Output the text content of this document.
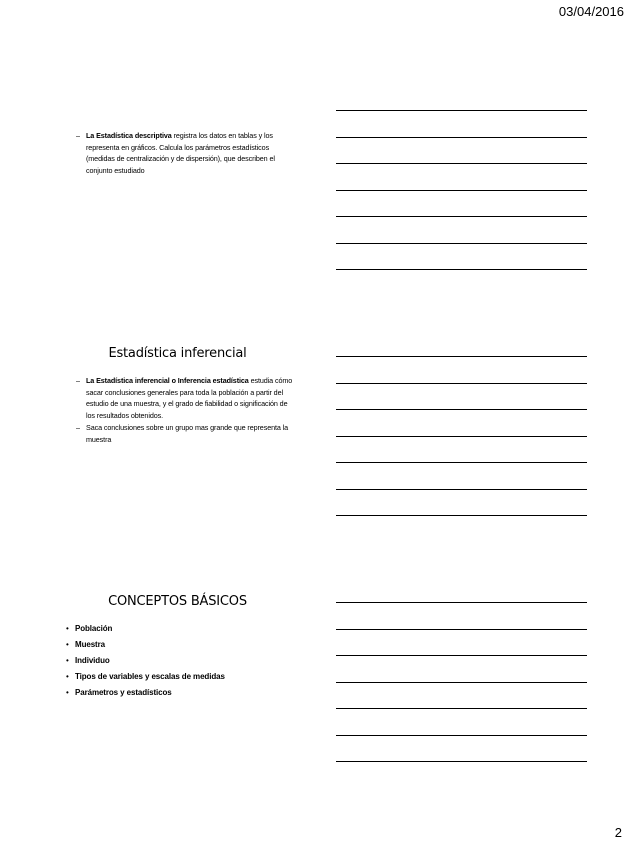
03/04/2016
– La Estadística descriptiva registra los datos en tablas y los representa en gráficos. Calcula los parámetros estadísticos (medidas de centralización y de dispersión), que describen el conjunto estudiado
Estadística inferencial
– La Estadística inferencial o Inferencia estadística estudia cómo sacar conclusiones generales para toda la población a partir del estudio de una muestra, y el grado de fiabilidad o significación de los resultados obtenidos.
– Saca conclusiones sobre un grupo mas grande que representa la muestra
CONCEPTOS BÁSICOS
• Población
• Muestra
• Individuo
• Tipos de variables y escalas de medidas
• Parámetros y estadísticos
2
